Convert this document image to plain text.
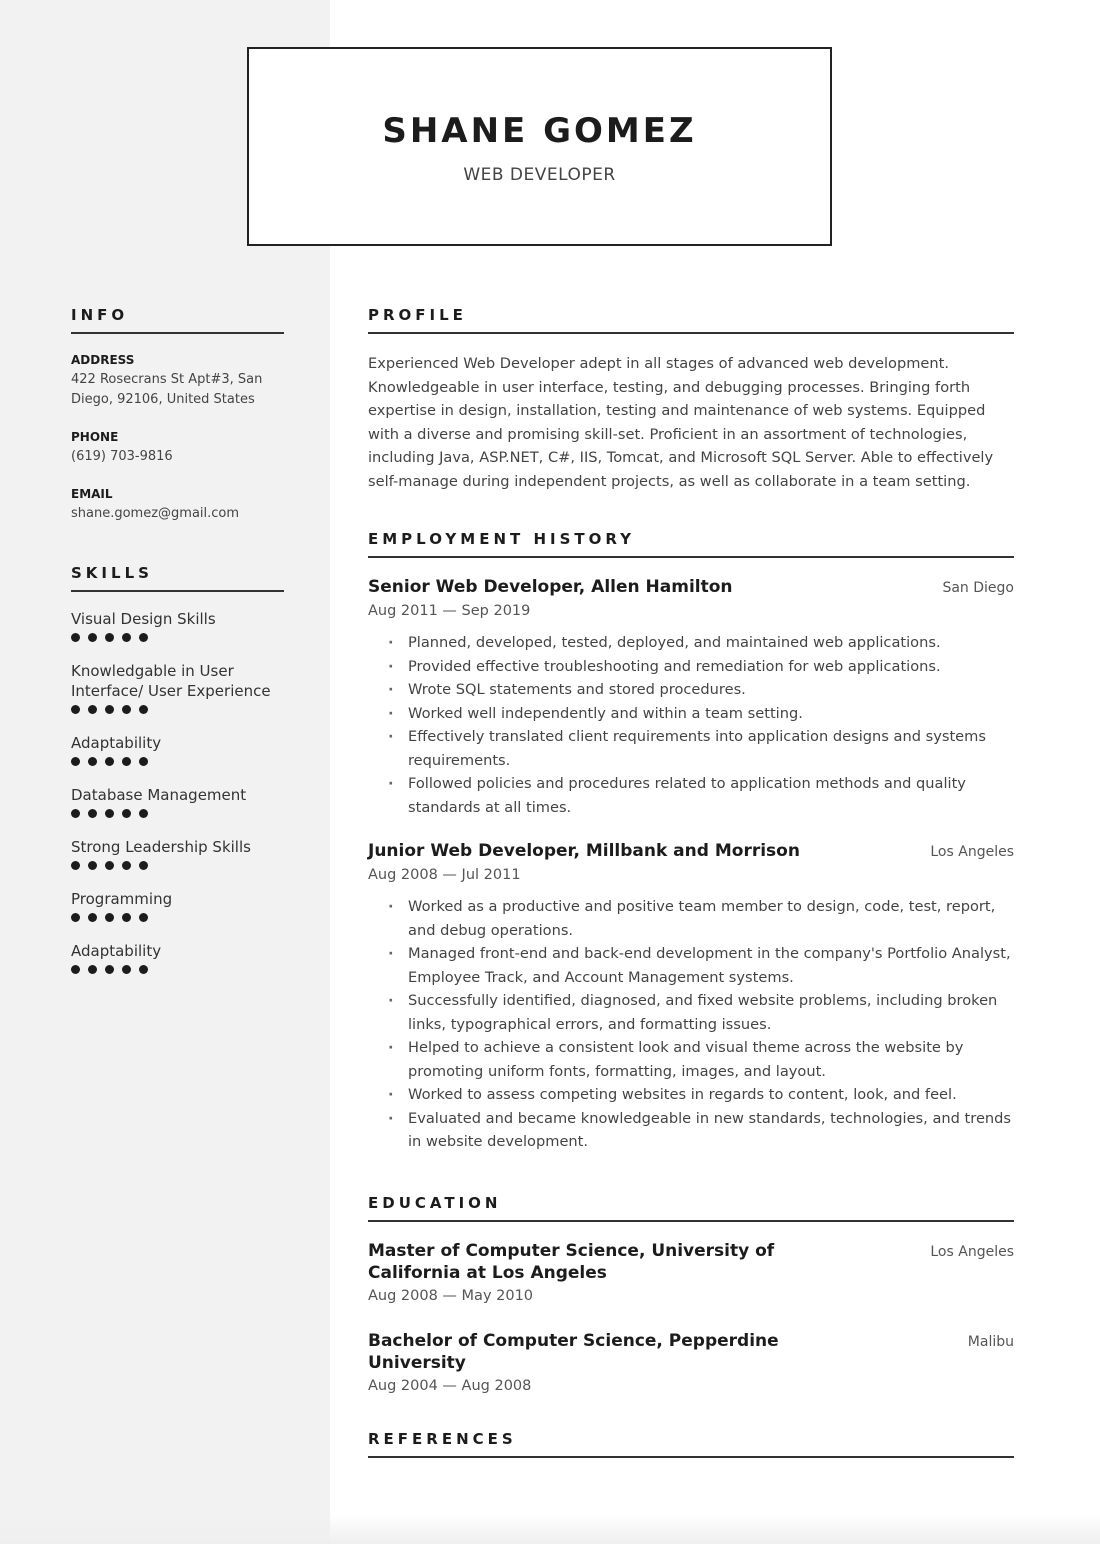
SHANE GOMEZ
WEB DEVELOPER
INFO
ADDRESS
422 Rosecrans St Apt#3, San Diego, 92106, United States
PHONE
(619) 703-9816
EMAIL
shane.gomez@gmail.com
SKILLS
Visual Design Skills
Knowledgable in User Interface/ User Experience
Adaptability
Database Management
Strong Leadership Skills
Programming
Adaptability
PROFILE
Experienced Web Developer adept in all stages of advanced web development. Knowledgeable in user interface, testing, and debugging processes. Bringing forth expertise in design, installation, testing and maintenance of web systems. Equipped with a diverse and promising skill-set. Proficient in an assortment of technologies, including Java, ASP.NET, C#, IIS, Tomcat, and Microsoft SQL Server. Able to effectively self-manage during independent projects, as well as collaborate in a team setting.
EMPLOYMENT HISTORY
Senior Web Developer, Allen Hamilton	San Diego
Aug 2011 — Sep 2019
· Planned, developed, tested, deployed, and maintained web applications.
· Provided effective troubleshooting and remediation for web applications.
· Wrote SQL statements and stored procedures.
· Worked well independently and within a team setting.
· Effectively translated client requirements into application designs and systems requirements.
· Followed policies and procedures related to application methods and quality standards at all times.
Junior Web Developer, Millbank and Morrison	Los Angeles
Aug 2008 — Jul 2011
· Worked as a productive and positive team member to design, code, test, report, and debug operations.
· Managed front-end and back-end development in the company's Portfolio Analyst, Employee Track, and Account Management systems.
· Successfully identified, diagnosed, and fixed website problems, including broken links, typographical errors, and formatting issues.
· Helped to achieve a consistent look and visual theme across the website by promoting uniform fonts, formatting, images, and layout.
· Worked to assess competing websites in regards to content, look, and feel.
· Evaluated and became knowledgeable in new standards, technologies, and trends in website development.
EDUCATION
Master of Computer Science, University of California at Los Angeles
Los Angeles
Aug 2008 — May 2010
Bachelor of Computer Science, Pepperdine University
Malibu
Aug 2004 — Aug 2008
REFERENCES
